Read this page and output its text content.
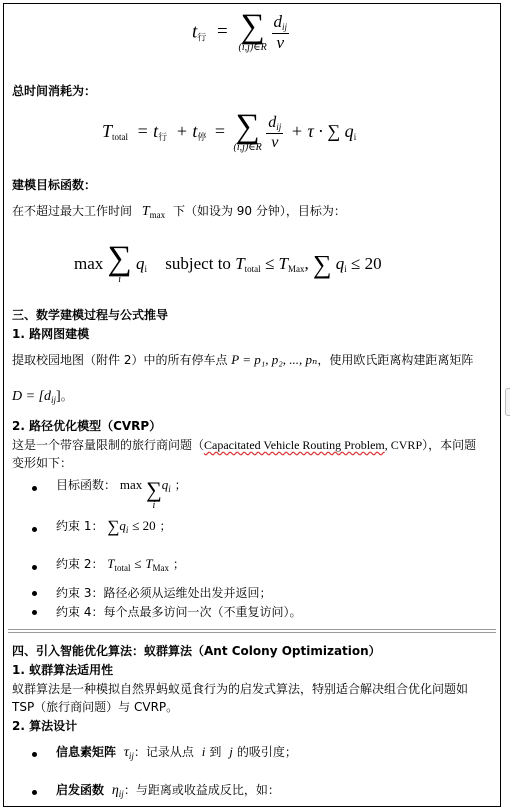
$t_行$ = ∑
(i,j)∈R
$\frac{d_{ij}}{v}$
总时间消耗为：
$T_{total} = t_行 + t_停$ = ∑
(i,j)∈R
$\frac{d_{ij}}{v} + \tau$ · ∑ $q_i$
建模目标函数：
在不超过最大工作时间 $T_{max}$ 下（如设为 90 分钟），目标为：
max ∑
i
$q_i$ subject to $T_{total} \le T_{Max}$, ∑ $q_i \le 20$
三、数学建模过程与公式推导
1. 路网图建模
提取校园地图（附件 2）中的所有停车点 P = p₁, p₂, ..., pₙ，使用欧氏距离构建距离矩阵
$D = [d_{ij}]$。
2. 路径优化模型（CVRP）
这是一个带容量限制的旅行商问题（Capacitated Vehicle Routing Problem, CVRP），本问题
变形如下：
目标函数： max ∑
i
$q_i$ ；
约束 1： $\sum q_i \le 20$ ；
约束 2： $T_{total} \le T_{Max}$ ；
约束 3：路径必须从运维处出发并返回；
约束 4：每个点最多访问一次（不重复访问）。
四、引入智能优化算法：蚁群算法（Ant Colony Optimization）
1. 蚁群算法适用性
蚁群算法是一种模拟自然界蚂蚁觅食行为的启发式算法，特别适合解决组合优化问题如
TSP（旅行商问题）与 CVRP。
2. 算法设计
信息素矩阵 $\tau_{ij}$：记录从点 i 到 j 的吸引度；
启发函数 $\eta_{ij}$：与距离或收益成反比，如：
